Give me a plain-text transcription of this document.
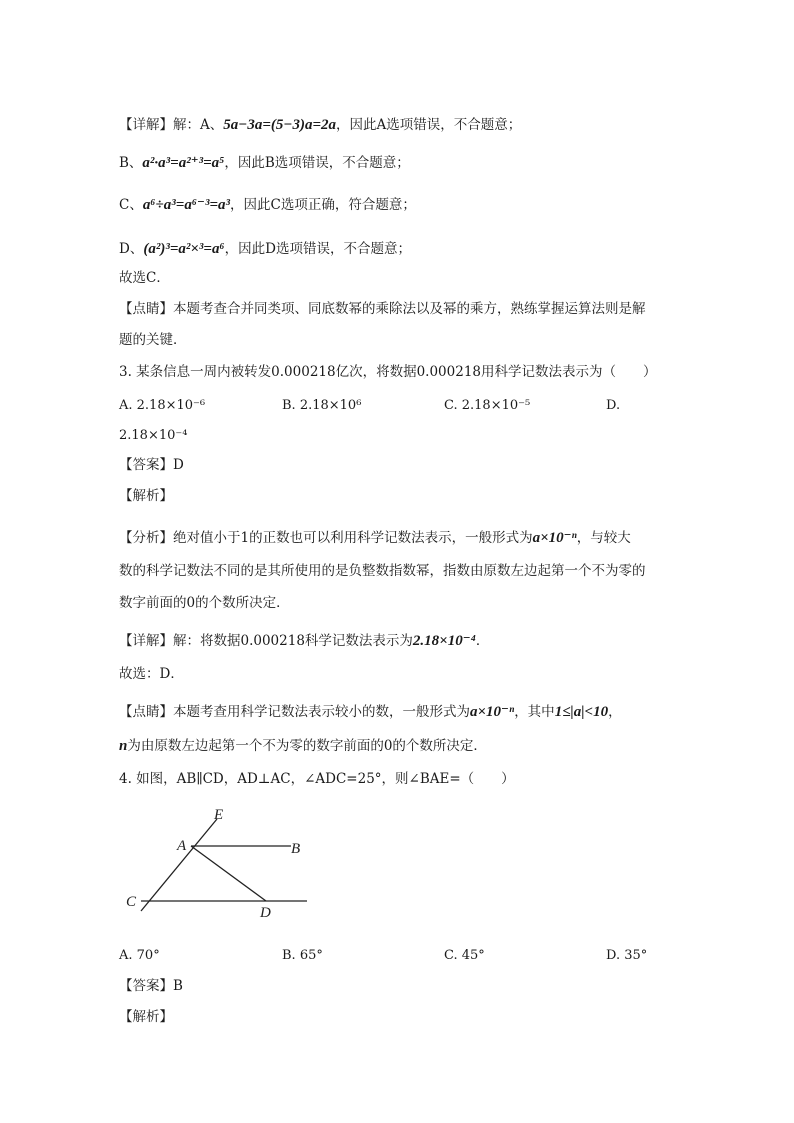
【详解】解：A、5a−3a=(5−3)a=2a，因此A选项错误，不合题意；
B、a²·a³=a²⁺³=a⁵，因此B选项错误，不合题意；
C、a⁶÷a³=a⁶⁻³=a³，因此C选项正确，符合题意；
D、(a²)³=a²×³=a⁶，因此D选项错误，不合题意；
故选C．
【点睛】本题考查合并同类项、同底数幂的乘除法以及幂的乘方，熟练掌握运算法则是解
题的关键．
3. 某条信息一周内被转发0.000218亿次，将数据0.000218用科学记数法表示为（　　）
A. 2.18×10⁻⁶	B. 2.18×10⁶	C. 2.18×10⁻⁵	D.
2.18×10⁻⁴
【答案】D
【解析】
【分析】绝对值小于1的正数也可以利用科学记数法表示，一般形式为a×10⁻ⁿ，与较大
数的科学记数法不同的是其所使用的是负整数指数幂，指数由原数左边起第一个不为零的
数字前面的0的个数所决定．
【详解】解：将数据0.000218科学记数法表示为2.18×10⁻⁴．
故选：D．
【点睛】本题考查用科学记数法表示较小的数，一般形式为a×10⁻ⁿ，其中1≤|a|<10，
n为由原数左边起第一个不为零的数字前面的0的个数所决定．
4. 如图，AB∥CD，AD⊥AC，∠ADC=25°，则∠BAE=（　　）
E
A	B
C
D
A. 70°	B. 65°	C. 45°	D. 35°
【答案】B
【解析】
